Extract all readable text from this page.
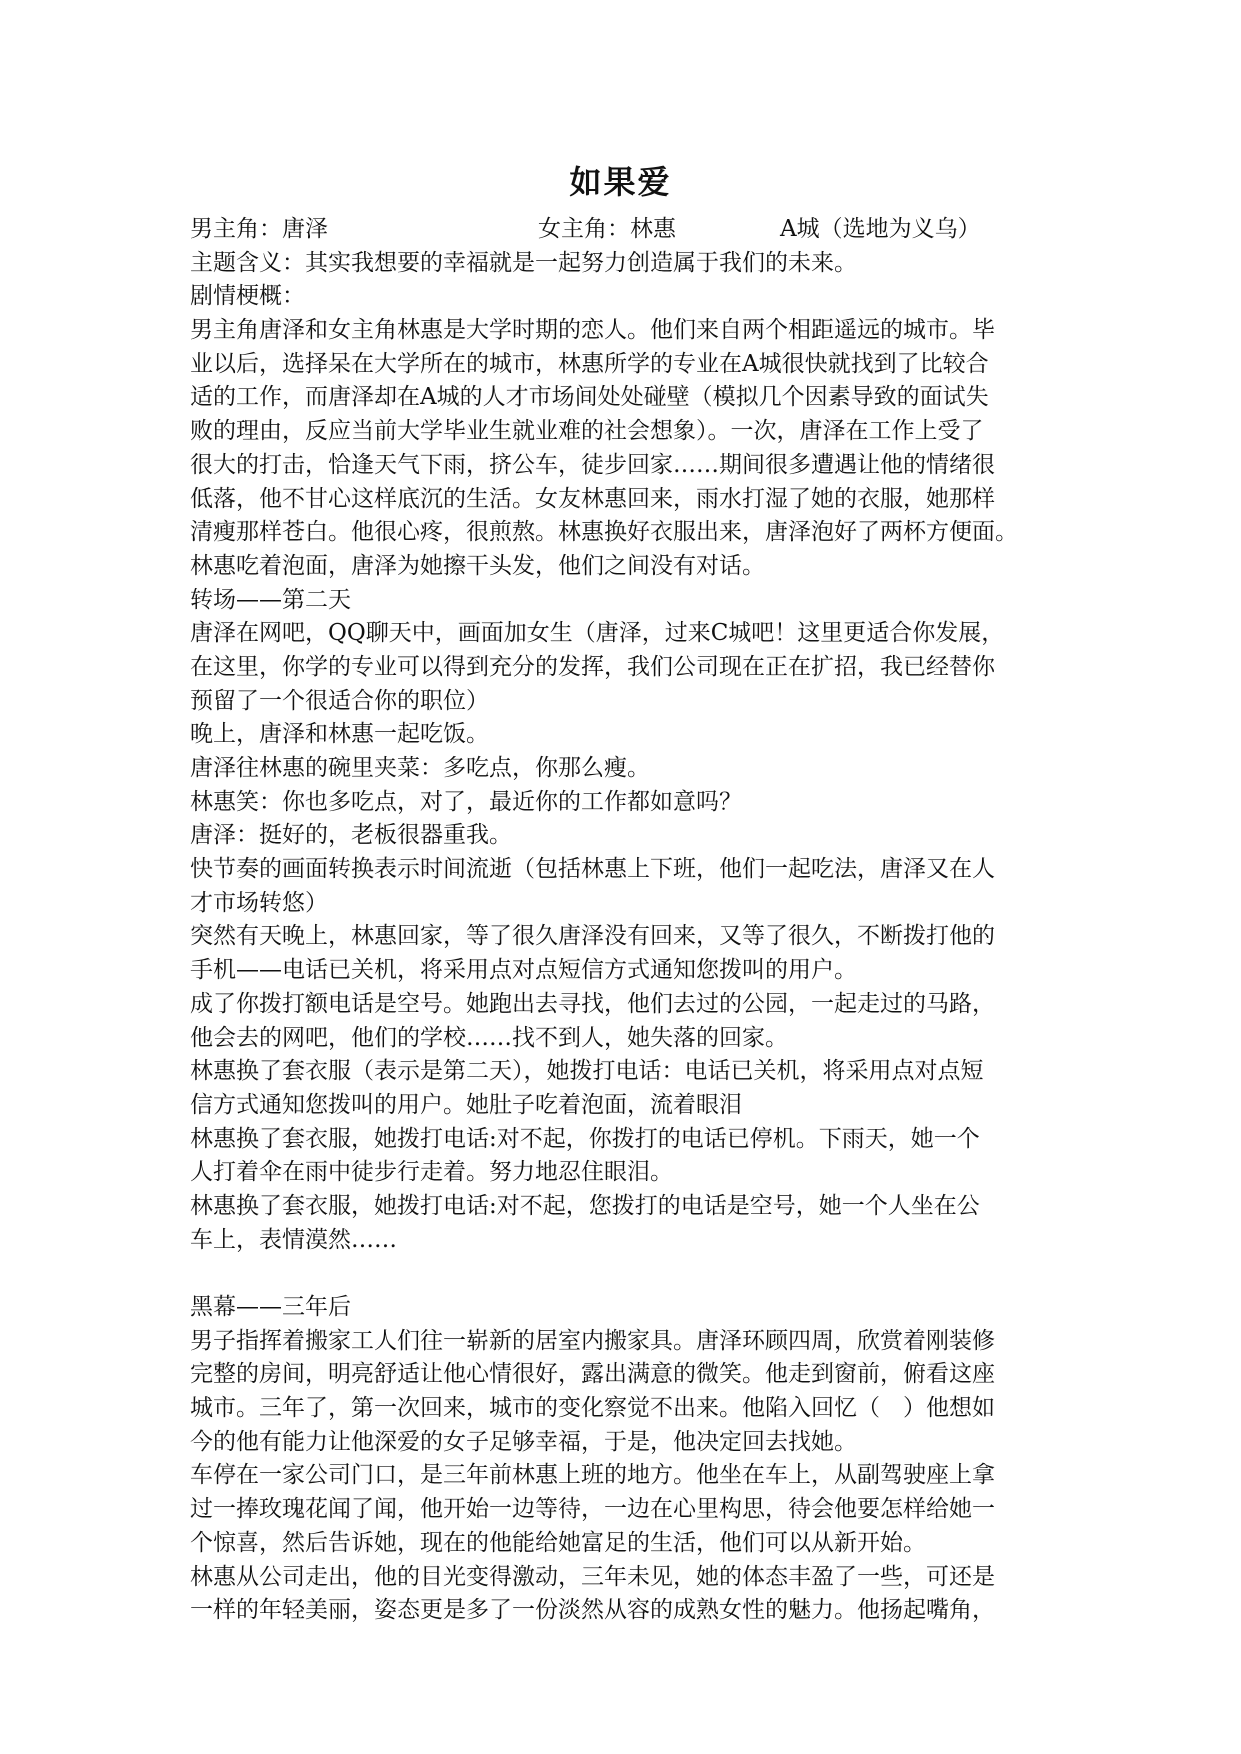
如果爱
男主角：唐泽	女主角：林惠	A城（选地为义乌）
主题含义：其实我想要的幸福就是一起努力创造属于我们的未来。
剧情梗概：
男主角唐泽和女主角林惠是大学时期的恋人。他们来自两个相距遥远的城市。毕
业以后，选择呆在大学所在的城市，林惠所学的专业在A城很快就找到了比较合
适的工作，而唐泽却在A城的人才市场间处处碰壁（模拟几个因素导致的面试失
败的理由，反应当前大学毕业生就业难的社会想象）。一次，唐泽在工作上受了
很大的打击，恰逢天气下雨，挤公车，徒步回家……期间很多遭遇让他的情绪很
低落，他不甘心这样底沉的生活。女友林惠回来，雨水打湿了她的衣服，她那样
清瘦那样苍白。他很心疼，很煎熬。林惠换好衣服出来，唐泽泡好了两杯方便面。
林惠吃着泡面，唐泽为她擦干头发，他们之间没有对话。
转场——第二天
唐泽在网吧，QQ聊天中，画面加女生（唐泽，过来C城吧！这里更适合你发展，
在这里，你学的专业可以得到充分的发挥，我们公司现在正在扩招，我已经替你
预留了一个很适合你的职位）
晚上，唐泽和林惠一起吃饭。
唐泽往林惠的碗里夹菜：多吃点，你那么瘦。
林惠笑：你也多吃点，对了，最近你的工作都如意吗？
唐泽：挺好的，老板很器重我。
快节奏的画面转换表示时间流逝（包括林惠上下班，他们一起吃法，唐泽又在人
才市场转悠）
突然有天晚上，林惠回家，等了很久唐泽没有回来，又等了很久，不断拨打他的
手机——电话已关机，将采用点对点短信方式通知您拨叫的用户。
成了你拨打额电话是空号。她跑出去寻找，他们去过的公园，一起走过的马路，
他会去的网吧，他们的学校……找不到人，她失落的回家。
林惠换了套衣服（表示是第二天），她拨打电话：电话已关机，将采用点对点短
信方式通知您拨叫的用户。她肚子吃着泡面，流着眼泪
林惠换了套衣服，她拨打电话:对不起，你拨打的电话已停机。下雨天，她一个
人打着伞在雨中徒步行走着。努力地忍住眼泪。
林惠换了套衣服，她拨打电话:对不起，您拨打的电话是空号，她一个人坐在公
车上，表情漠然……
黑幕——三年后
男子指挥着搬家工人们往一崭新的居室内搬家具。唐泽环顾四周，欣赏着刚装修
完整的房间，明亮舒适让他心情很好，露出满意的微笑。他走到窗前，俯看这座
城市。三年了，第一次回来，城市的变化察觉不出来。他陷入回忆（　）他想如
今的他有能力让他深爱的女子足够幸福，于是，他决定回去找她。
车停在一家公司门口，是三年前林惠上班的地方。他坐在车上，从副驾驶座上拿
过一捧玫瑰花闻了闻，他开始一边等待，一边在心里构思，待会他要怎样给她一
个惊喜，然后告诉她，现在的他能给她富足的生活，他们可以从新开始。
林惠从公司走出，他的目光变得激动，三年未见，她的体态丰盈了一些，可还是
一样的年轻美丽，姿态更是多了一份淡然从容的成熟女性的魅力。他扬起嘴角，
